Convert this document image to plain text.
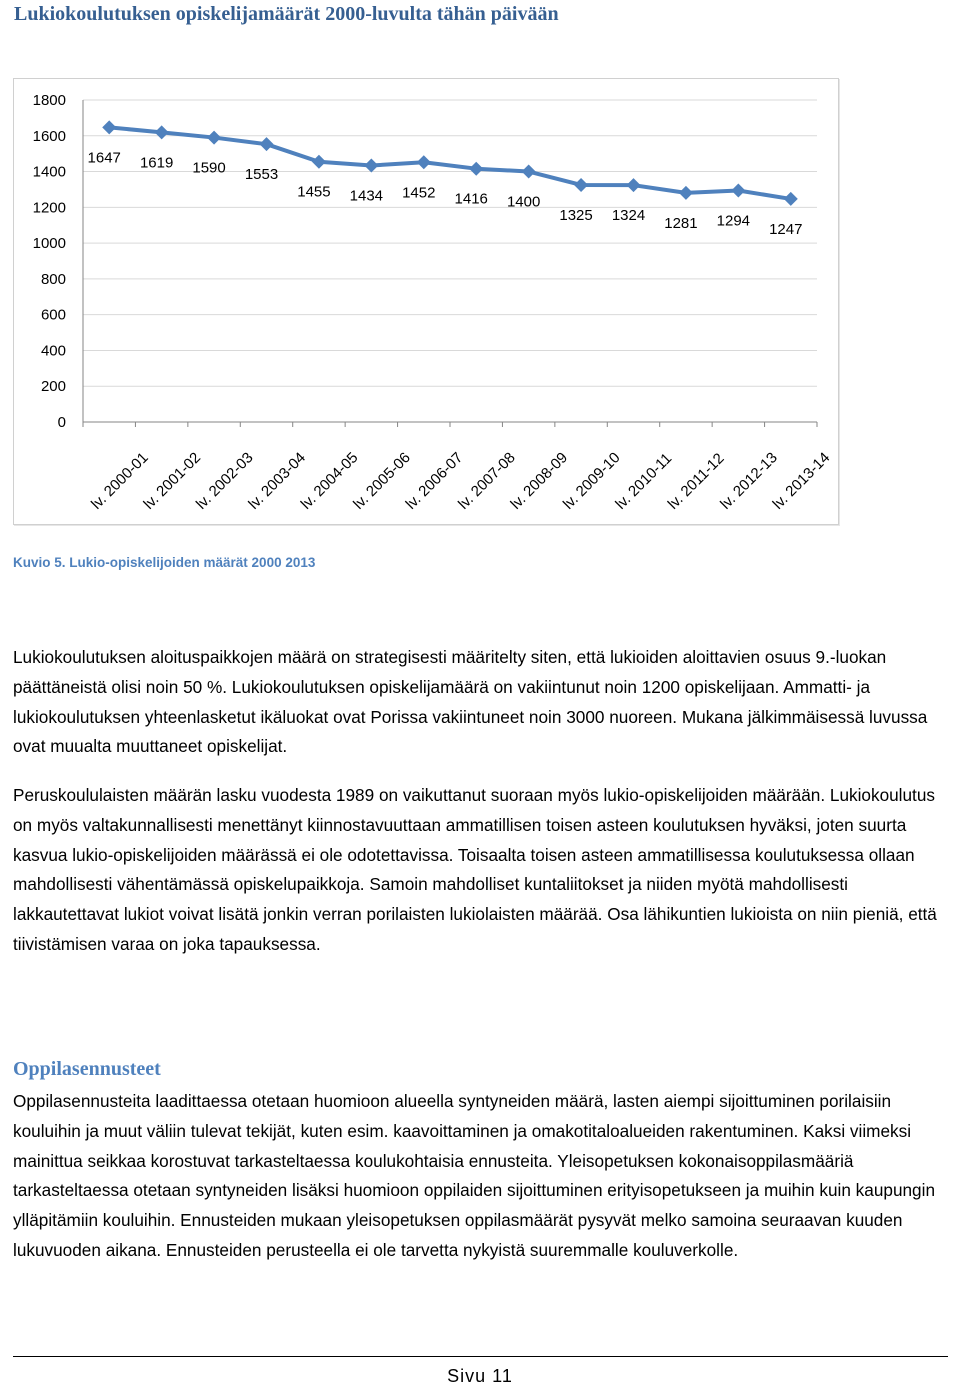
Lukiokoulutuksen opiskelijamäärät 2000-luvulta tähän päivään
0
200
400
600
800
1000
1200
1400
1600
1800
lv. 2000-01
lv. 2001-02
lv. 2002-03
lv. 2003-04
lv. 2004-05
lv. 2005-06
lv. 2006-07
lv. 2007-08
lv. 2008-09
lv. 2009-10
lv. 2010-11
lv. 2011-12
lv. 2012-13
lv. 2013-14
1647 1619 1590 1553
1455 1434 1452 1416 1400
1325 1324 1281 1294 1247
Kuvio 5. Lukio-opiskelijoiden määrät 2000 2013

Lukiokoulutuksen aloituspaikkojen määrä on strategisesti määritelty siten, että lukioiden aloittavien osuus 9.-luokan päättäneistä olisi noin 50 %. Lukiokoulutuksen opiskelijamäärä on vakiintunut noin 1200 opiskelijaan. Ammatti- ja lukiokoulutuksen yhteenlasketut ikäluokat ovat Porissa vakiintuneet noin 3000 nuoreen. Mukana jälkimmäisessä luvussa ovat muualta muuttaneet opiskelijat.

Peruskoululaisten määrän lasku vuodesta 1989 on vaikuttanut suoraan myös lukio-opiskelijoiden määrään. Lukiokoulutus on myös valtakunnallisesti menettänyt kiinnostavuuttaan ammatillisen toisen asteen koulutuksen hyväksi, joten suurta kasvua lukio-opiskelijoiden määrässä ei ole odotettavissa. Toisaalta toisen asteen ammatillisessa koulutuksessa ollaan mahdollisesti vähentämässä opiskelupaikkoja. Samoin mahdolliset kuntaliitokset ja niiden myötä mahdollisesti lakkautettavat lukiot voivat lisätä jonkin verran porilaisten lukiolaisten määrää. Osa lähikuntien lukioista on niin pieniä, että tiivistämisen varaa on joka tapauksessa.

Oppilasennusteet

Oppilasennusteita laadittaessa otetaan huomioon alueella syntyneiden määrä, lasten aiempi sijoittuminen porilaisiin kouluihin ja muut väliin tulevat tekijät, kuten esim. kaavoittaminen ja omakotitaloalueiden rakentuminen. Kaksi viimeksi mainittua seikkaa korostuvat tarkasteltaessa koulukohtaisia ennusteita. Yleisopetuksen kokonaisoppilasmääriä tarkasteltaessa otetaan syntyneiden lisäksi huomioon oppilaiden sijoittuminen erityisopetukseen ja muihin kuin kaupungin ylläpitämiin kouluihin. Ennusteiden mukaan yleisopetuksen oppilasmäärät pysyvät melko samoina seuraavan kuuden lukuvuoden aikana. Ennusteiden perusteella ei ole tarvetta nykyistä suuremmalle kouluverkolle.

Sivu 11
